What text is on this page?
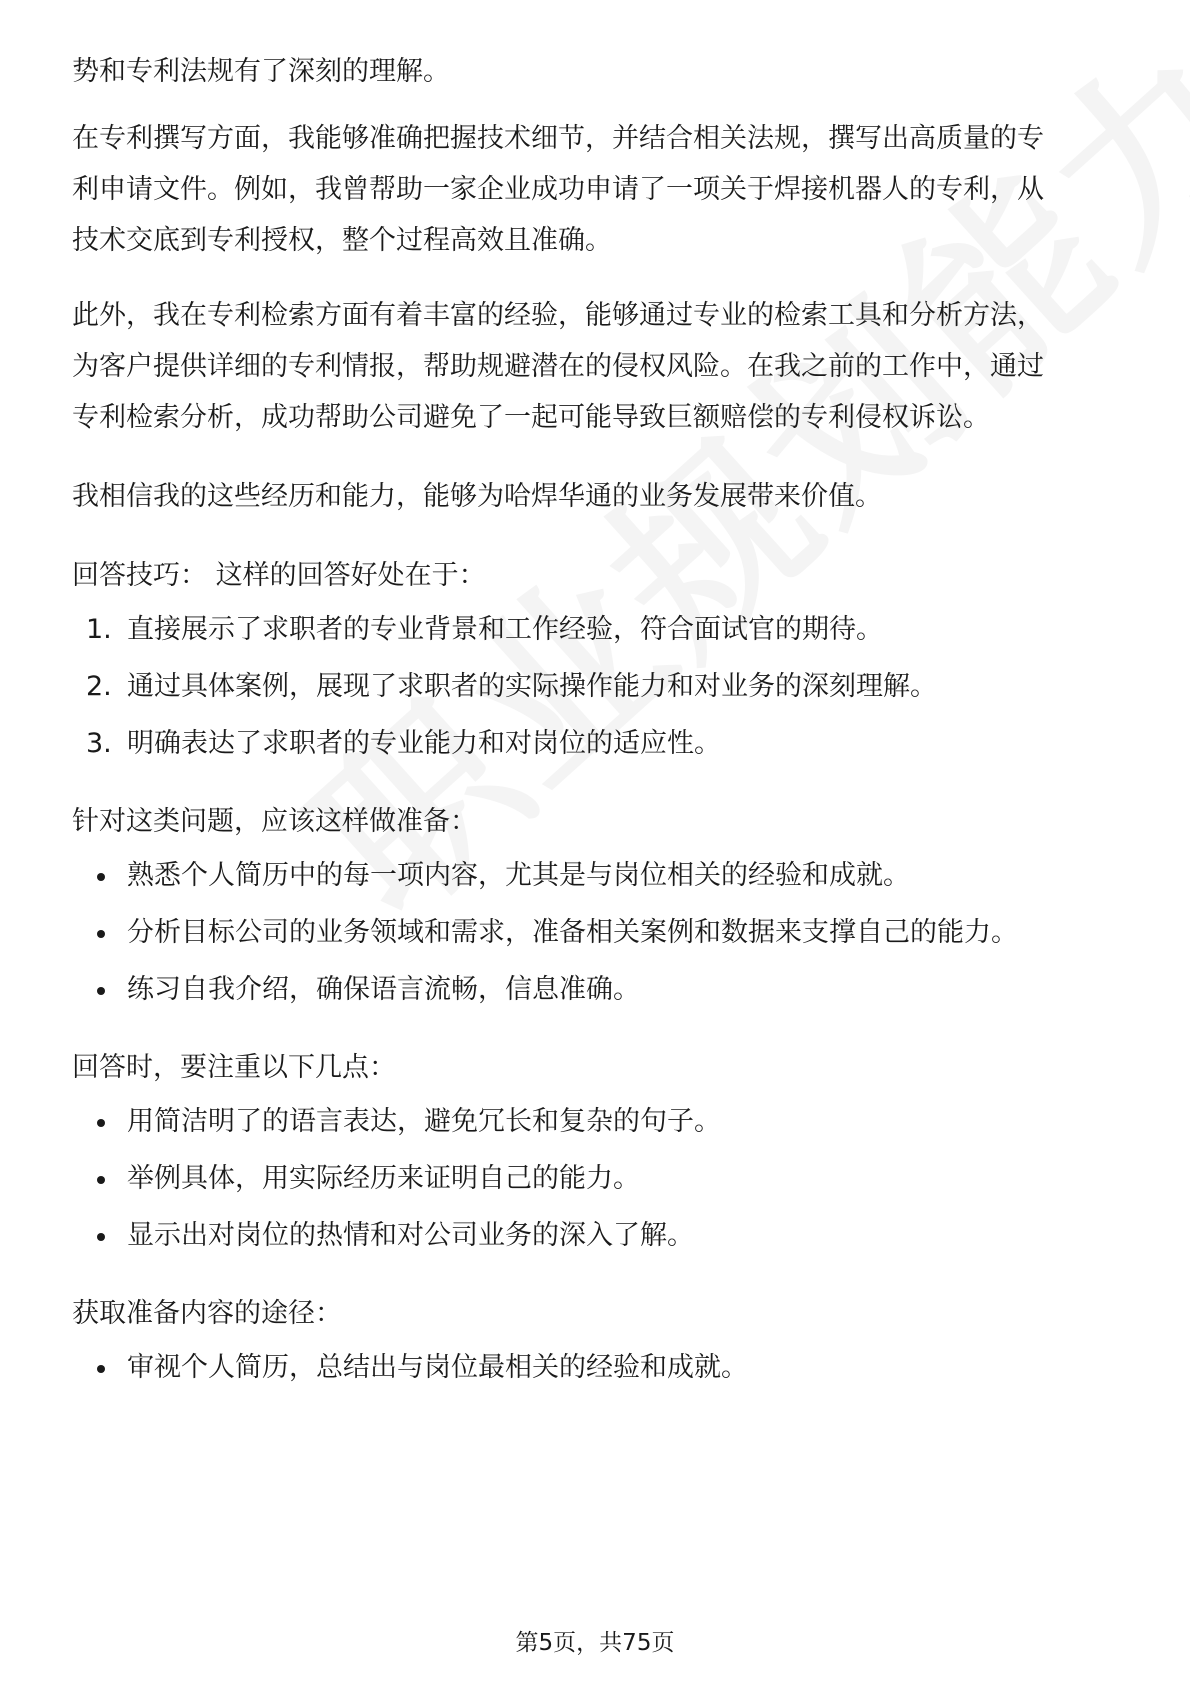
势和专利法规有了深刻的理解。

在专利撰写方面，我能够准确把握技术细节，并结合相关法规，撰写出高质量的专
利申请文件。例如，我曾帮助一家企业成功申请了一项关于焊接机器人的专利，从
技术交底到专利授权，整个过程高效且准确。

此外，我在专利检索方面有着丰富的经验，能够通过专业的检索工具和分析方法，
为客户提供详细的专利情报，帮助规避潜在的侵权风险。在我之前的工作中，通过
专利检索分析，成功帮助公司避免了一起可能导致巨额赔偿的专利侵权诉讼。

我相信我的这些经历和能力，能够为哈焊华通的业务发展带来价值。

回答技巧： 这样的回答好处在于：

1. 直接展示了求职者的专业背景和工作经验，符合面试官的期待。
2. 通过具体案例，展现了求职者的实际操作能力和对业务的深刻理解。
3. 明确表达了求职者的专业能力和对岗位的适应性。

针对这类问题，应该这样做准备：

熟悉个人简历中的每一项内容，尤其是与岗位相关的经验和成就。
分析目标公司的业务领域和需求，准备相关案例和数据来支撑自己的能力。
练习自我介绍，确保语言流畅，信息准确。

回答时，要注重以下几点：

用简洁明了的语言表达，避免冗长和复杂的句子。
举例具体，用实际经历来证明自己的能力。
显示出对岗位的热情和对公司业务的深入了解。

获取准备内容的途径：

审视个人简历，总结出与岗位最相关的经验和成就。
第5页，共75页
